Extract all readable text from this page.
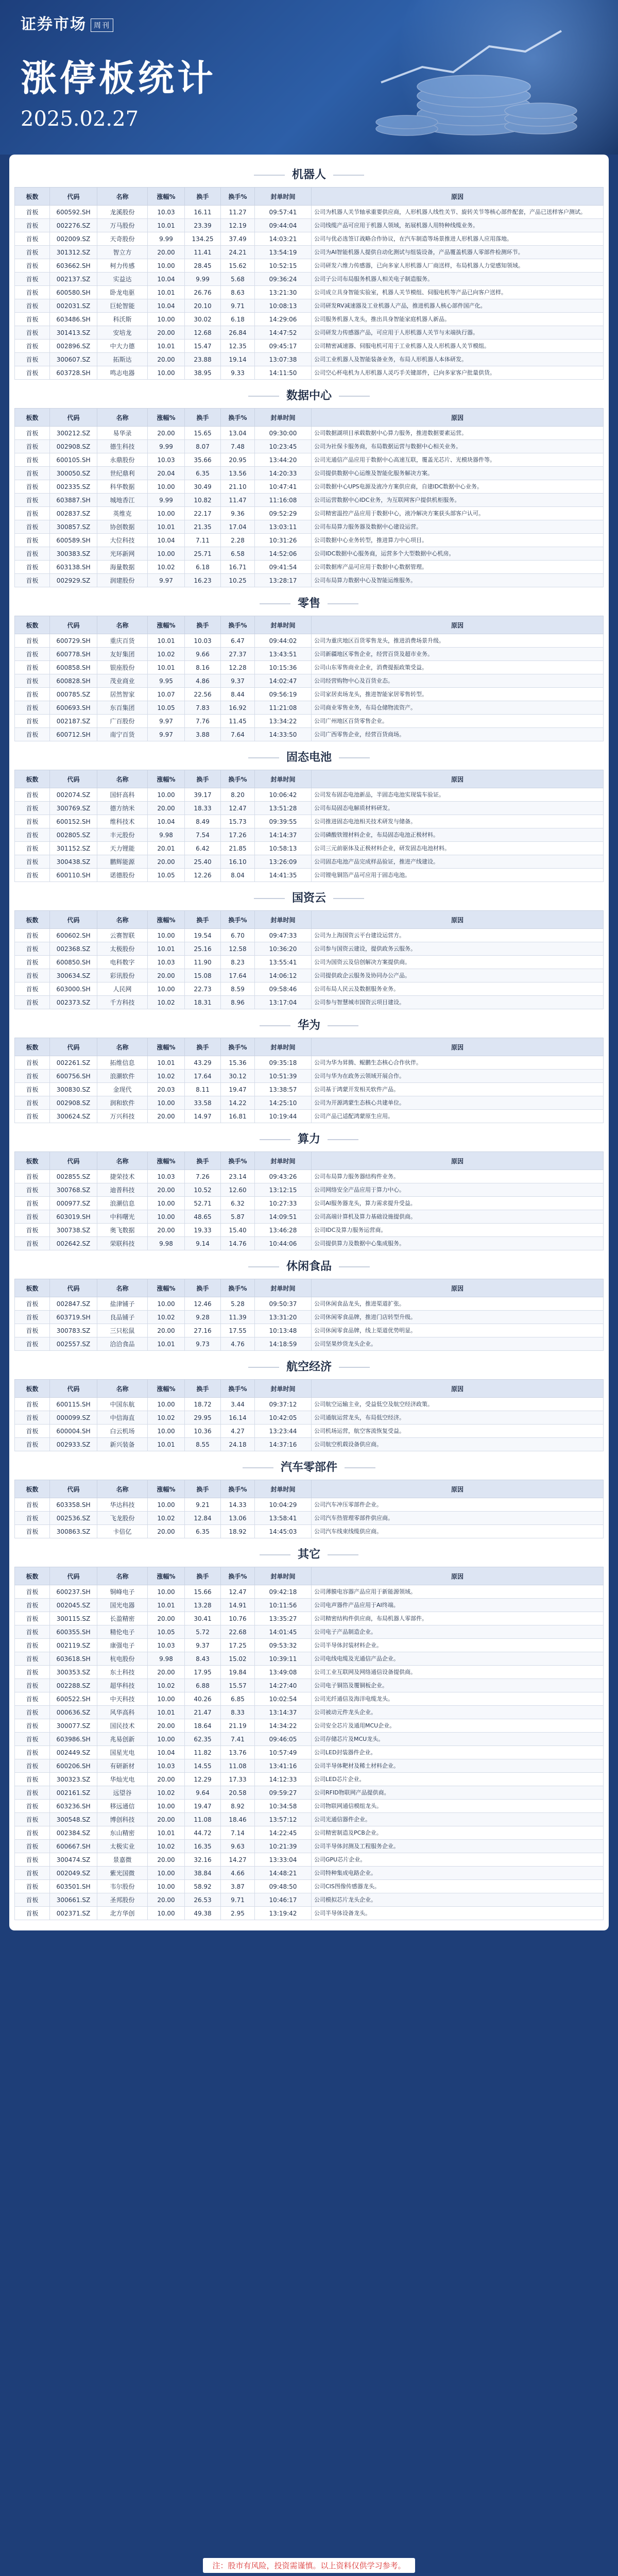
证券市场 周刊
涨停板统计
2025.02.27
机器人
板数	代码	名称	涨幅%	换手	换手%	封单时间	原因
首板	600592.SH	龙溪股份	10.03	16.11	11.27	09:57:41	公司为机器人关节轴承重要供应商，人形机器人线性关节、旋转关节等核心部件配套，产品已送样客户测试。
首板	002276.SZ	万马股份	10.01	23.39	12.19	09:44:04	公司线缆产品可应用于机器人领域，拓展机器人用特种线缆业务。
首板	002009.SZ	天奇股份	9.99	134.25	37.49	14:03:21	公司与优必选签订战略合作协议，在汽车制造等场景推进人形机器人应用落地。
首板	301312.SZ	智立方	20.00	11.41	24.21	13:54:19	公司为AI智能机器人提供自动化测试与组装设备，产品覆盖机器人零部件检测环节。
首板	603662.SH	柯力传感	10.00	28.45	15.62	10:52:15	公司研发六维力传感器，已向多家人形机器人厂商送样，布局机器人力觉感知领域。
首板	002137.SZ	实益达	10.04	9.99	5.68	09:36:24	公司子公司布局服务机器人相关电子制造服务。
首板	600580.SH	卧龙电驱	10.01	26.76	8.63	13:21:30	公司成立具身智能实验室，机器人关节模组、伺服电机等产品已向客户送样。
首板	002031.SZ	巨轮智能	10.04	20.10	9.71	10:08:13	公司研发RV减速器及工业机器人产品，推进机器人核心部件国产化。
首板	603486.SH	科沃斯	10.00	30.02	6.18	14:29:06	公司服务机器人龙头，推出具身智能家庭机器人新品。
首板	301413.SZ	安培龙	20.00	12.68	26.84	14:47:52	公司研发力传感器产品，可应用于人形机器人关节与末端执行器。
首板	002896.SZ	中大力德	10.01	15.47	12.35	09:45:17	公司精密减速器、伺服电机可用于工业机器人及人形机器人关节模组。
首板	300607.SZ	拓斯达	20.00	23.88	19.14	13:07:38	公司工业机器人及智能装备业务，布局人形机器人本体研发。
首板	603728.SH	鸣志电器	10.00	38.95	9.33	14:11:50	公司空心杯电机为人形机器人灵巧手关键部件，已向多家客户批量供货。
数据中心
板数	代码	名称	涨幅%	换手	换手%	封单时间	原因
首板	300212.SZ	易华录	20.00	15.65	13.04	09:30:00	公司数据湖项目承载数据中心算力服务，推进数据要素运营。
首板	002908.SZ	德生科技	9.99	8.07	7.48	10:23:45	公司为社保卡服务商，布局数据运营与数据中心相关业务。
首板	600105.SH	永鼎股份	10.03	35.66	20.95	13:44:20	公司光通信产品应用于数据中心高速互联，覆盖光芯片、光模块器件等。
首板	300050.SZ	世纪鼎利	20.04	6.35	13.56	14:20:33	公司提供数据中心运维及智能化服务解决方案。
首板	002335.SZ	科华数据	10.00	30.49	21.10	10:47:41	公司数据中心UPS电源及液冷方案供应商，自建IDC数据中心业务。
首板	603887.SH	城地香江	9.99	10.82	11.47	11:16:08	公司运营数据中心IDC业务，为互联网客户提供机柜服务。
首板	002837.SZ	英维克	10.00	22.17	9.36	09:52:29	公司精密温控产品应用于数据中心，液冷解决方案获头部客户认可。
首板	300857.SZ	协创数据	10.01	21.35	17.04	13:03:11	公司布局算力服务器及数据中心建设运营。
首板	600589.SH	大位科技	10.04	7.11	2.28	10:31:26	公司数据中心业务转型，推进算力中心项目。
首板	300383.SZ	光环新网	10.00	25.71	6.58	14:52:06	公司IDC数据中心服务商，运营多个大型数据中心机房。
首板	603138.SH	海量数据	10.02	6.18	16.71	09:41:54	公司数据库产品可应用于数据中心数据管理。
首板	002929.SZ	润建股份	9.97	16.23	10.25	13:28:17	公司布局算力数据中心及智能运维服务。
零售
板数	代码	名称	涨幅%	换手	换手%	封单时间	原因
首板	600729.SH	重庆百货	10.01	10.03	6.47	09:44:02	公司为重庆地区百货零售龙头，推进消费场景升级。
首板	600778.SH	友好集团	10.02	9.66	27.37	13:43:51	公司新疆地区零售企业，经营百货及超市业务。
首板	600858.SH	银座股份	10.01	8.16	12.28	10:15:36	公司山东零售商业企业，消费提振政策受益。
首板	600828.SH	茂业商业	9.95	4.86	9.37	14:02:47	公司经营购物中心及百货业态。
首板	000785.SZ	居然智家	10.07	22.56	8.44	09:56:19	公司家居卖场龙头，推进智能家居零售转型。
首板	600693.SH	东百集团	10.05	7.83	16.92	11:21:08	公司商业零售业务，布局仓储物流资产。
首板	002187.SZ	广百股份	9.97	7.76	11.45	13:34:22	公司广州地区百货零售企业。
首板	600712.SH	南宁百货	9.97	3.88	7.64	14:33:50	公司广西零售企业，经营百货商场。
固态电池
板数	代码	名称	涨幅%	换手	换手%	封单时间	原因
首板	002074.SZ	国轩高科	10.00	39.17	8.20	10:06:42	公司发布固态电池新品，半固态电池实现装车验证。
首板	300769.SZ	德方纳米	20.00	18.33	12.47	13:51:28	公司布局固态电解质材料研发。
首板	600152.SH	维科技术	10.04	8.49	15.73	09:39:55	公司推进固态电池相关技术研发与储备。
首板	002805.SZ	丰元股份	9.98	7.54	17.26	14:14:37	公司磷酸铁锂材料企业，布局固态电池正极材料。
首板	301152.SZ	天力锂能	20.01	6.42	21.85	10:58:13	公司三元前驱体及正极材料企业，研发固态电池材料。
首板	300438.SZ	鹏辉能源	20.00	25.40	16.10	13:26:09	公司固态电池产品完成样品验证，推进产线建设。
首板	600110.SH	诺德股份	10.05	12.26	8.04	14:41:35	公司锂电铜箔产品可应用于固态电池。
国资云
板数	代码	名称	涨幅%	换手	换手%	封单时间	原因
首板	600602.SH	云赛智联	10.00	19.54	6.70	09:47:33	公司为上海国资云平台建设运营方。
首板	002368.SZ	太极股份	10.01	25.16	12.58	10:36:20	公司参与国资云建设，提供政务云服务。
首板	600850.SH	电科数字	10.03	11.90	8.23	13:55:41	公司为国资云及信创解决方案提供商。
首板	300634.SZ	彩讯股份	20.00	15.08	17.64	14:06:12	公司提供政企云服务及协同办公产品。
首板	603000.SH	人民网	10.00	22.73	8.59	09:58:46	公司布局人民云及数据服务业务。
首板	002373.SZ	千方科技	10.02	18.31	8.96	13:17:04	公司参与智慧城市国资云项目建设。
华为
板数	代码	名称	涨幅%	换手	换手%	封单时间	原因
首板	002261.SZ	拓维信息	10.01	43.29	15.36	09:35:18	公司为华为昇腾、鲲鹏生态核心合作伙伴。
首板	600756.SH	浪潮软件	10.02	17.64	30.12	10:51:39	公司与华为在政务云领域开展合作。
首板	300830.SZ	金现代	20.03	8.11	19.47	13:38:57	公司基于鸿蒙开发相关软件产品。
首板	002908.SZ	润和软件	10.00	33.58	14.22	14:25:10	公司为开源鸿蒙生态核心共建单位。
首板	300624.SZ	万兴科技	20.00	14.97	16.81	10:19:44	公司产品已适配鸿蒙原生应用。
算力
板数	代码	名称	涨幅%	换手	换手%	封单时间	原因
首板	002855.SZ	捷荣技术	10.03	7.26	23.14	09:43:26	公司布局算力服务器结构件业务。
首板	300768.SZ	迪普科技	20.00	10.52	12.60	13:12:15	公司网络安全产品应用于算力中心。
首板	000977.SZ	浪潮信息	10.00	52.71	6.32	10:27:33	公司AI服务器龙头，算力需求提升受益。
首板	603019.SH	中科曙光	10.00	48.65	5.87	14:09:51	公司高端计算机及算力基础设施提供商。
首板	300738.SZ	奥飞数据	20.00	19.33	15.40	13:46:28	公司IDC及算力服务运营商。
首板	002642.SZ	荣联科技	9.98	9.14	14.76	10:44:06	公司提供算力及数据中心集成服务。
休闲食品
板数	代码	名称	涨幅%	换手	换手%	封单时间	原因
首板	002847.SZ	盐津铺子	10.00	12.46	5.28	09:50:37	公司休闲食品龙头，推进渠道扩张。
首板	603719.SH	良品铺子	10.02	9.28	11.39	13:31:20	公司休闲零食品牌，推进门店转型升级。
首板	300783.SZ	三只松鼠	20.00	27.16	17.55	10:13:48	公司休闲零食品牌，线上渠道优势明显。
首板	002557.SZ	洽洽食品	10.01	9.73	4.76	14:18:59	公司坚果炒货龙头企业。
航空经济
板数	代码	名称	涨幅%	换手	换手%	封单时间	原因
首板	600115.SH	中国东航	10.00	18.72	3.44	09:37:12	公司航空运输主业，受益低空及航空经济政策。
首板	000099.SZ	中信海直	10.02	29.95	16.14	10:42:05	公司通航运营龙头，布局低空经济。
首板	600004.SH	白云机场	10.00	10.36	4.27	13:23:44	公司机场运营，航空客流恢复受益。
首板	002933.SZ	新兴装备	10.01	8.55	24.18	14:37:16	公司航空机载设备供应商。
汽车零部件
板数	代码	名称	涨幅%	换手	换手%	封单时间	原因
首板	603358.SH	华达科技	10.00	9.21	14.33	10:04:29	公司汽车冲压零部件企业。
首板	002536.SZ	飞龙股份	10.02	12.84	13.06	13:58:41	公司汽车热管理零部件供应商。
首板	300863.SZ	卡倍亿	20.00	6.35	18.92	14:45:03	公司汽车线束线缆供应商。
其它
板数	代码	名称	涨幅%	换手	换手%	封单时间	原因
首板	600237.SH	铜峰电子	10.00	15.66	12.47	09:42:18	公司薄膜电容器产品应用于新能源领域。
首板	002045.SZ	国光电器	10.01	13.28	14.91	10:11:56	公司电声器件产品应用于AI终端。
首板	300115.SZ	长盈精密	20.00	30.41	10.76	13:35:27	公司精密结构件供应商，布局机器人零部件。
首板	600355.SH	精伦电子	10.05	5.72	22.68	14:01:45	公司电子产品制造企业。
首板	002119.SZ	康强电子	10.03	9.37	17.25	09:53:32	公司半导体封装材料企业。
首板	603618.SH	杭电股份	9.98	8.43	15.02	10:39:11	公司电线电缆及光通信产品企业。
首板	300353.SZ	东土科技	20.00	17.95	19.84	13:49:08	公司工业互联网及网络通信设备提供商。
首板	002288.SZ	超华科技	10.02	6.88	15.57	14:27:40	公司电子铜箔及覆铜板企业。
首板	600522.SH	中天科技	10.00	40.26	6.85	10:02:54	公司光纤通信及海洋电缆龙头。
首板	000636.SZ	风华高科	10.01	21.47	8.33	13:14:37	公司被动元件龙头企业。
首板	300077.SZ	国民技术	20.00	18.64	21.19	14:34:22	公司安全芯片及通用MCU企业。
首板	603986.SH	兆易创新	10.00	62.35	7.41	09:46:05	公司存储芯片及MCU龙头。
首板	002449.SZ	国星光电	10.04	11.82	13.76	10:57:49	公司LED封装器件企业。
首板	600206.SH	有研新材	10.03	14.55	11.08	13:41:16	公司半导体靶材及稀土材料企业。
首板	300323.SZ	华灿光电	20.00	12.29	17.33	14:12:33	公司LED芯片企业。
首板	002161.SZ	远望谷	10.02	9.64	20.58	09:59:27	公司RFID物联网产品提供商。
首板	603236.SH	移远通信	10.00	19.47	8.92	10:34:58	公司物联网通信模组龙头。
首板	300548.SZ	博创科技	20.00	11.08	18.46	13:57:12	公司光通信器件企业。
首板	002384.SZ	东山精密	10.01	44.72	7.14	14:22:45	公司精密制造及PCB企业。
首板	600667.SH	太极实业	10.02	16.35	9.63	10:21:39	公司半导体封测及工程服务企业。
首板	300474.SZ	景嘉微	20.00	32.16	14.27	13:33:04	公司GPU芯片企业。
首板	002049.SZ	紫光国微	10.00	38.84	4.66	14:48:21	公司特种集成电路企业。
首板	603501.SH	韦尔股份	10.00	58.92	3.87	09:48:50	公司CIS图像传感器龙头。
首板	300661.SZ	圣邦股份	20.00	26.53	9.71	10:46:17	公司模拟芯片龙头企业。
首板	002371.SZ	北方华创	10.00	49.38	2.95	13:19:42	公司半导体设备龙头。
注：股市有风险，投资需谨慎。以上资料仅供学习参考。
